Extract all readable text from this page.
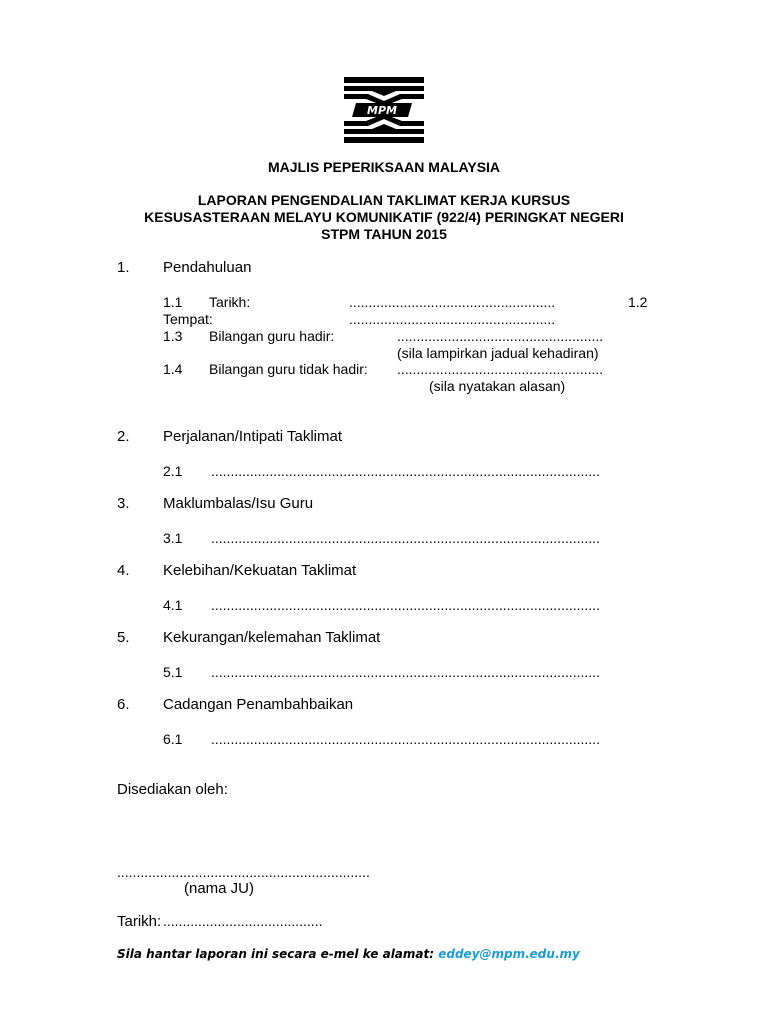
MPM
MAJLIS PEPERIKSAAN MALAYSIA
LAPORAN PENGENDALIAN TAKLIMAT KERJA KURSUS
KESUSASTERAAN MELAYU KOMUNIKATIF (922/4) PERINGKAT NEGERI
STPM TAHUN 2015
1. Pendahuluan
1.1 Tarikh:	.....................................................	1.2
Tempat:	.....................................................
1.3 Bilangan guru hadir:	.....................................................
(sila lampirkan jadual kehadiran)
1.4 Bilangan guru tidak hadir: .....................................................
(sila nyatakan alasan)
2. Perjalanan/Intipati Taklimat
2.1 ....................................................................................................
3. Maklumbalas/Isu Guru
3.1 ....................................................................................................
4. Kelebihan/Kekuatan Taklimat
4.1 ....................................................................................................
5. Kekurangan/kelemahan Taklimat
5.1 ....................................................................................................
6. Cadangan Penambahbaikan
6.1 ....................................................................................................
Disediakan oleh:
.................................................................
(nama JU)
Tarikh: .........................................
Sila hantar laporan ini secara e-mel ke alamat: eddey@mpm.edu.my
